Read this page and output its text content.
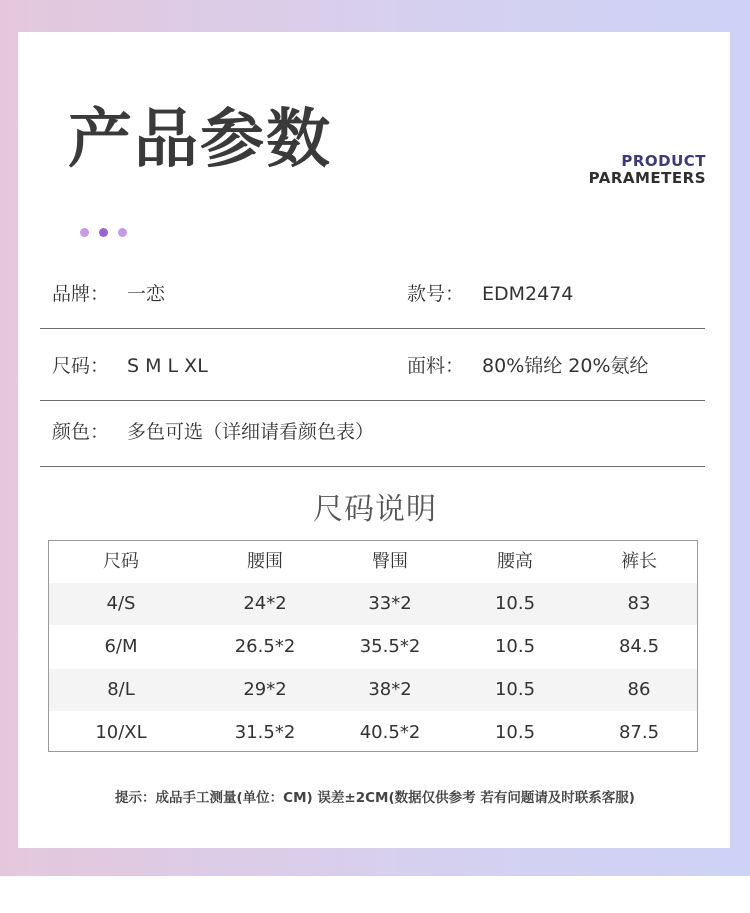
产品参数	PRODUCT
PARAMETERS
品牌： 一恋	款号： EDM2474
尺码： S M L XL	面料： 80%锦纶 20%氨纶
颜色： 多色可选（详细请看颜色表）
尺码说明
尺码	腰围	臀围	腰高	裤长
4/S	24*2	33*2	10.5	83
6/M	26.5*2	35.5*2	10.5	84.5
8/L	29*2	38*2	10.5	86
10/XL	31.5*2	40.5*2	10.5	87.5
提示：成品手工测量(单位：CM) 误差±2CM(数据仅供参考 若有问题请及时联系客服)
